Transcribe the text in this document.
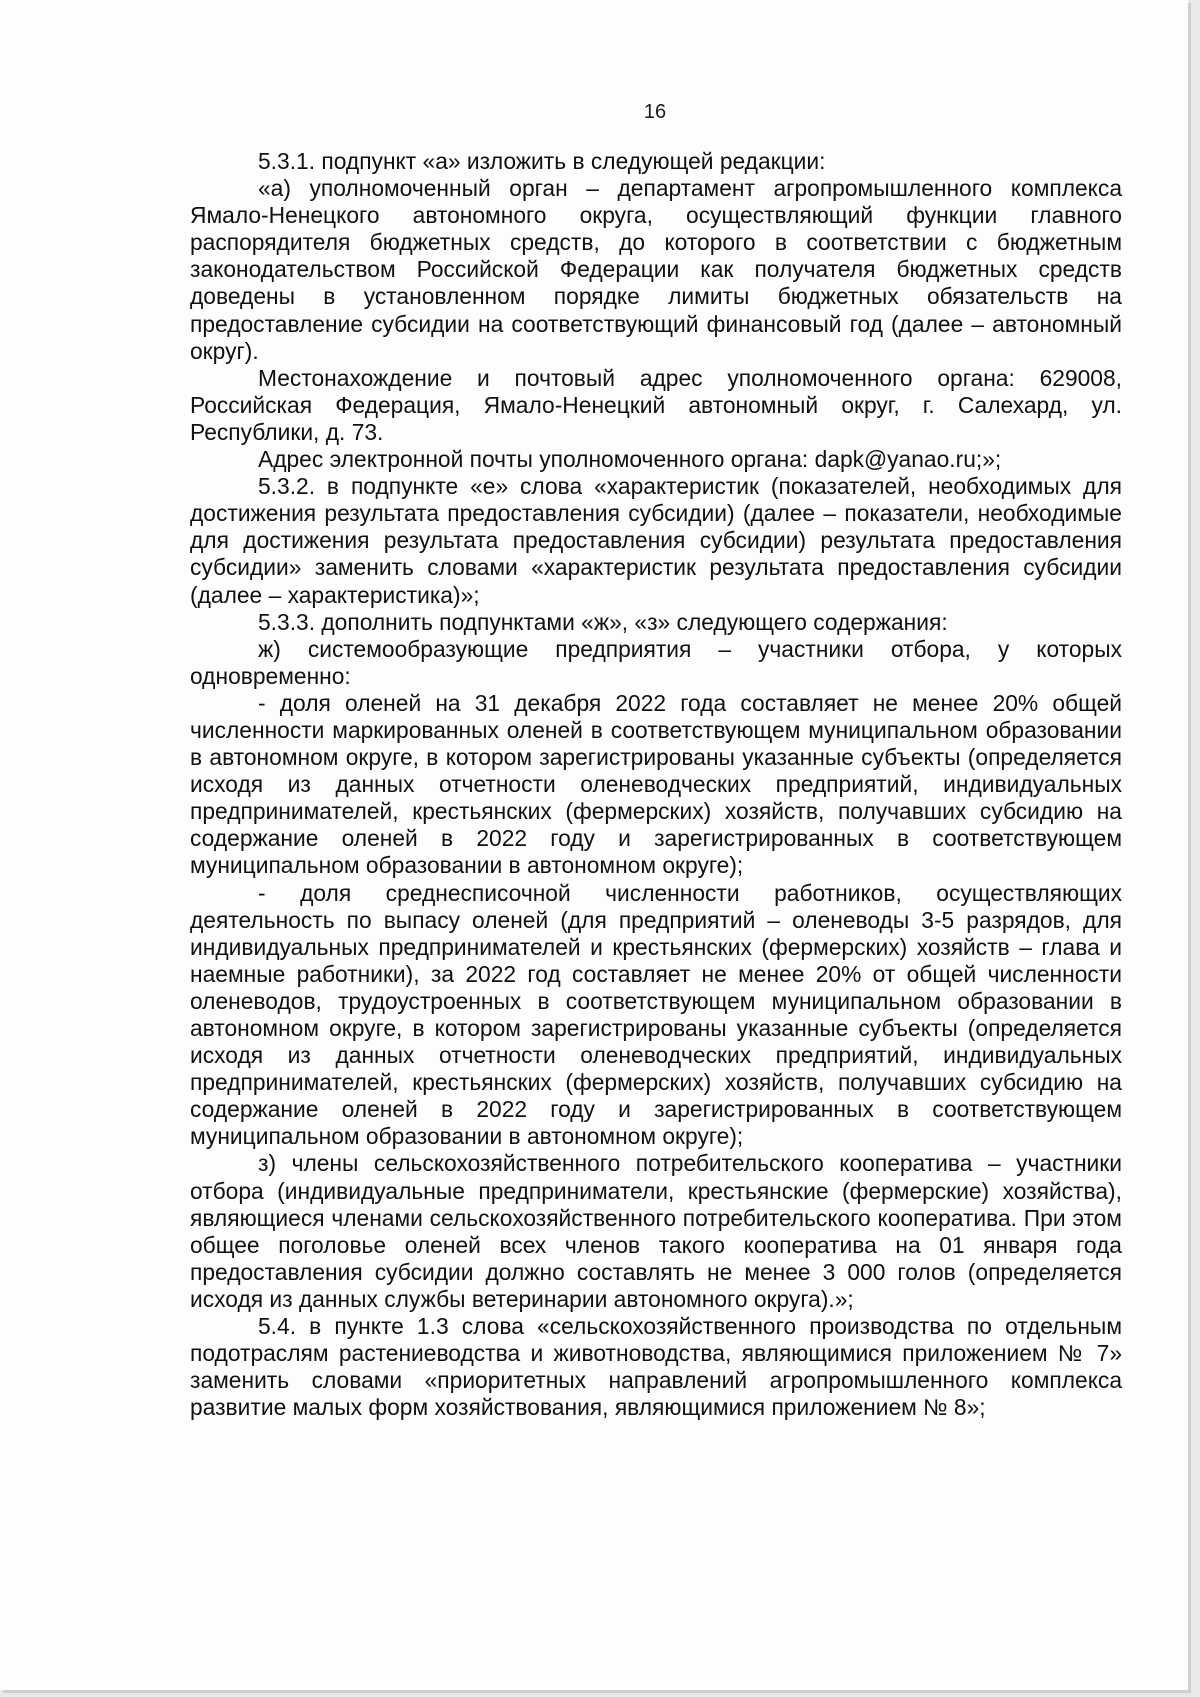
16

5.3.1. подпункт «а» изложить в следующей редакции:

«а) уполномоченный орган – департамент агропромышленного комплекса Ямало-Ненецкого автономного округа, осуществляющий функции главного распорядителя бюджетных средств, до которого в соответствии с бюджетным законодательством Российской Федерации как получателя бюджетных средств доведены в установленном порядке лимиты бюджетных обязательств на предоставление субсидии на соответствующий финансовый год (далее – автономный округ).

Местонахождение и почтовый адрес уполномоченного органа: 629008, Российская Федерация, Ямало-Ненецкий автономный округ, г. Салехард, ул. Республики, д. 73.

Адрес электронной почты уполномоченного органа: dapk@yanao.ru;»;

5.3.2. в подпункте «е» слова «характеристик (показателей, необходимых для достижения результата предоставления субсидии) (далее – показатели, необходимые для достижения результата предоставления субсидии) результата предоставления субсидии» заменить словами «характеристик результата предоставления субсидии (далее – характеристика)»;

5.3.3. дополнить подпунктами «ж», «з» следующего содержания:

ж) системообразующие предприятия – участники отбора, у которых одновременно:

- доля оленей на 31 декабря 2022 года составляет не менее 20% общей численности маркированных оленей в соответствующем муниципальном образовании в автономном округе, в котором зарегистрированы указанные субъекты (определяется исходя из данных отчетности оленеводческих предприятий, индивидуальных предпринимателей, крестьянских (фермерских) хозяйств, получавших субсидию на содержание оленей в 2022 году и зарегистрированных в соответствующем муниципальном образовании в автономном округе);

- доля среднесписочной численности работников, осуществляющих деятельность по выпасу оленей (для предприятий – оленеводы 3-5 разрядов, для индивидуальных предпринимателей и крестьянских (фермерских) хозяйств – глава и наемные работники), за 2022 год составляет не менее 20% от общей численности оленеводов, трудоустроенных в соответствующем муниципальном образовании в автономном округе, в котором зарегистрированы указанные субъекты (определяется исходя из данных отчетности оленеводческих предприятий, индивидуальных предпринимателей, крестьянских (фермерских) хозяйств, получавших субсидию на содержание оленей в 2022 году и зарегистрированных в соответствующем муниципальном образовании в автономном округе);

з) члены сельскохозяйственного потребительского кооператива – участники отбора (индивидуальные предприниматели, крестьянские (фермерские) хозяйства), являющиеся членами сельскохозяйственного потребительского кооператива. При этом общее поголовье оленей всех членов такого кооператива на 01 января года предоставления субсидии должно составлять не менее 3 000 голов (определяется исходя из данных службы ветеринарии автономного округа).»;

5.4. в пункте 1.3 слова «сельскохозяйственного производства по отдельным подотраслям растениеводства и животноводства, являющимися приложением № 7» заменить словами «приоритетных направлений агропромышленного комплекса развитие малых форм хозяйствования, являющимися приложением № 8»;
